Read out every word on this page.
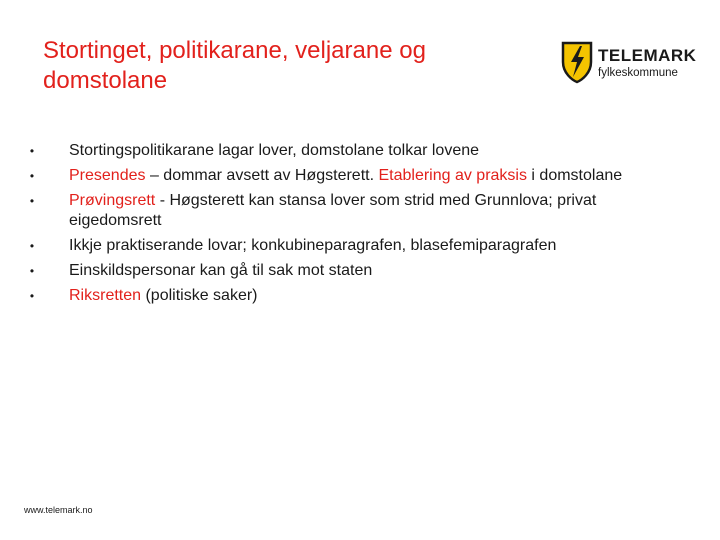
Stortinget, politikarane, veljarane og domstolane
TELEMARK
fylkeskommune
• Stortingspolitikarane lagar lover, domstolane tolkar lovene
• Presendes – dommar avsett av Høgsterett. Etablering av praksis i domstolane
• Prøvingsrett - Høgsterett kan stansa lover som strid med Grunnlova; privat eigedomsrett
• Ikkje praktiserande lovar; konkubineparagrafen, blasefemiparagrafen
• Einskildspersonar kan gå til sak mot staten
• Riksretten (politiske saker)
www.telemark.no
